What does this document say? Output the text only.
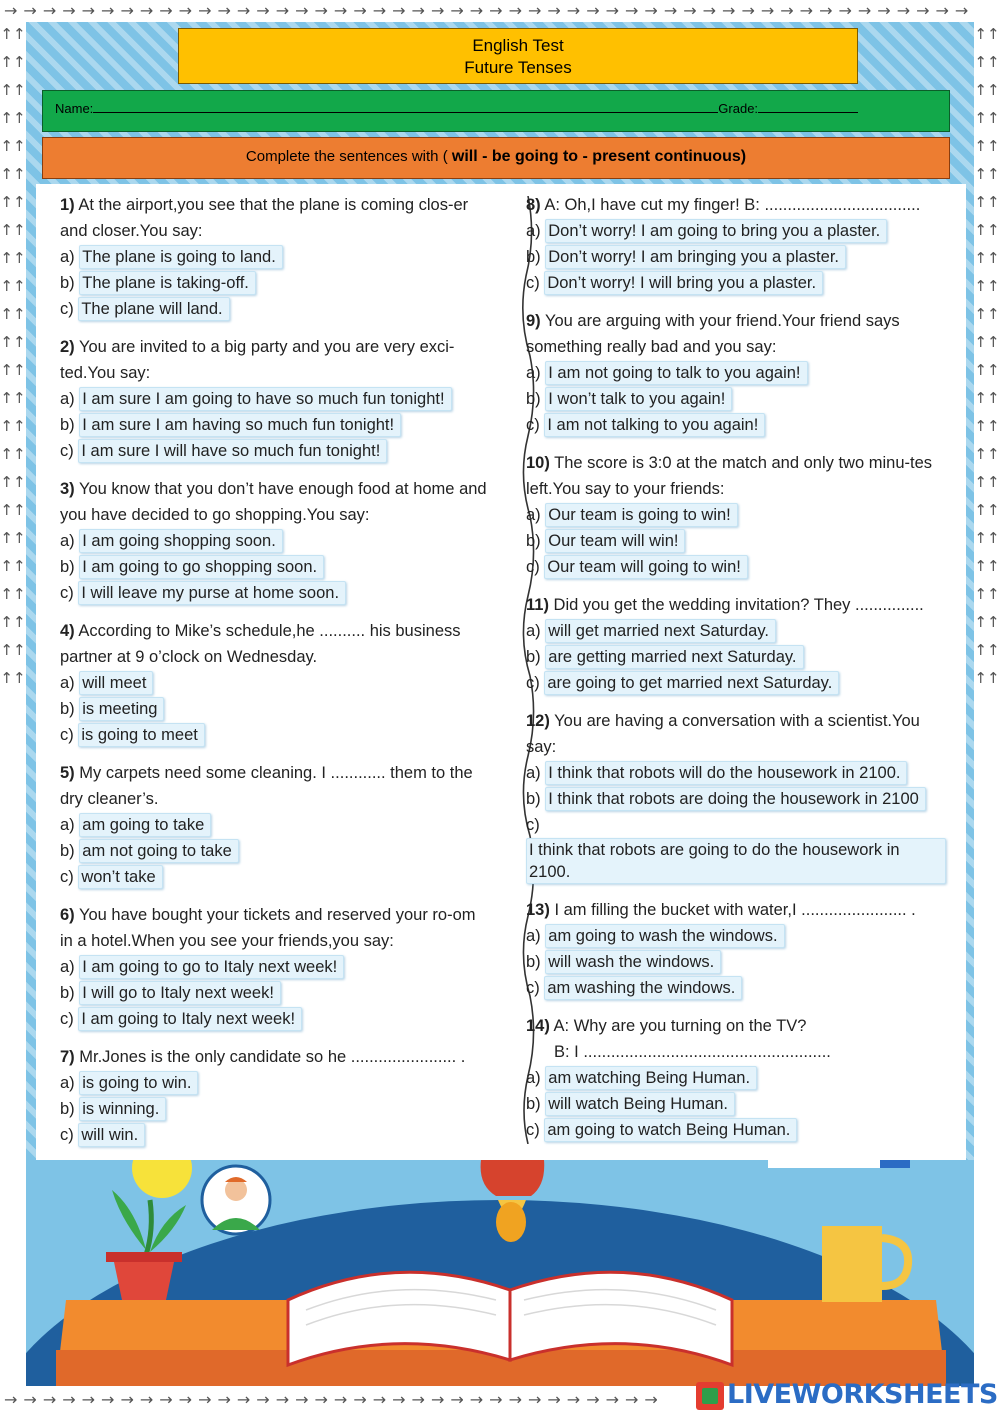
→→→→→→→→→→→→→→→→→→→→→→→→→→→→→→→→→→→→→→→→→→→→→→→→→→
→→→→→→→→→→→→→→→→→→→→→→→→→→→→→→→→→→
↑↑↑↑↑↑↑↑↑↑↑↑↑↑↑↑↑↑↑↑↑↑↑↑↑↑↑↑↑↑↑↑↑↑↑↑↑↑↑↑↑↑↑↑↑↑↑↑
↑↑↑↑↑↑↑↑↑↑↑↑↑↑↑↑↑↑↑↑↑↑↑↑↑↑↑↑↑↑↑↑↑↑↑↑↑↑↑↑↑↑↑↑↑↑↑↑
English Test
Future Tenses
Name:	Grade:
Complete the sentences with ( will - be going to - present continuous)
1) At the airport,you see that the plane is coming clos-er and closer.You say:
a) The plane is going to land.
b) The plane is taking-off.
c) The plane will land.
2) You are invited to a big party and you are very exci-ted.You say:
a) I am sure I am going to have so much fun tonight!
b) I am sure I am having so much fun tonight!
c) I am sure I will have so much fun tonight!
3) You know that you don’t have enough food at home and you have decided to go shopping.You say:
a) I am going shopping soon.
b) I am going to go shopping soon.
c) I will leave my purse at home soon.
4) According to Mike’s schedule,he .......... his business partner at 9 o’clock on Wednesday.
a) will meet
b) is meeting
c) is going to meet
5) My carpets need some cleaning. I ............ them to the dry cleaner’s.
a) am going to take
b) am not going to take
c) won’t take
6) You have bought your tickets and reserved your ro-om in a hotel.When you see your friends,you say:
a) I am going to go to Italy next week!
b) I will go to Italy next week!
c) I am going to Italy next week!
7) Mr.Jones is the only candidate so he ....................... .
a) is going to win.
b) is winning.
c) will win.
8) A: Oh,I have cut my finger! B: ..................................
a) Don’t worry! I am going to bring you a plaster.
b) Don’t worry! I am bringing you a plaster.
c) Don’t worry! I will bring you a plaster.
9) You are arguing with your friend.Your friend says something really bad and you say:
a) I am not going to talk to you again!
b) I won’t talk to you again!
c) I am not talking to you again!
10) The score is 3:0 at the match and only two minu-tes left.You say to your friends:
a) Our team is going to win!
b) Our team will win!
c) Our team will going to win!
11) Did you get the wedding invitation? They ...............
a) will get married next Saturday.
b) are getting married next Saturday.
c) are going to get married next Saturday.
12) You are having a conversation with a scientist.You say:
a) I think that robots will do the housework in 2100.
b) I think that robots are doing the housework in 2100
c) I think that robots are going to do the housework in 2100.
13) I am filling the bucket with water,I ....................... .
a) am going to wash the windows.
b) will wash the windows.
c) am washing the windows.
14) A: Why are you turning on the TV?
B: I ......................................................
a) am watching Being Human.
b) will watch Being Human.
c) am going to watch Being Human.
LIVEWORKSHEETS
